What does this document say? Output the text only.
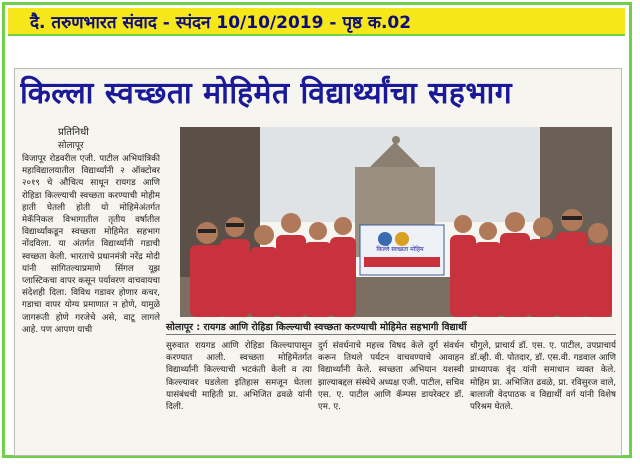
दै. तरुणभारत संवाद - स्पंदन 10/10/2019 - पृष्ठ क.02
किल्ला स्वच्छता मोहिमेत विद्यार्थ्यांचा सहभाग
प्रतिनिधी
सोलापूर
विजापूर रोडवरील एजी. पाटील अभियांत्रिकी महाविद्यालयातील विद्यार्थ्यांनी २ ऑक्टोबर २०१९ चे औचित्य साधून रायगड आणि रोहिडा किल्ल्याची स्वच्छता करण्याची मोहीम हाती घेतली होती यो मोहिमेअंतर्गत मेकॅनिकल विभागातील तृतीय वर्षातील विद्यार्थ्यांकडून स्वच्छता मोहिमेत सहभाग नोंदविला. या अंतर्गत विद्यार्थ्यांनी गडाची स्वच्छता केली. भारताचे प्रधानमंत्री नरेंद्र मोदी यांनी सांगितल्याप्रमाणे सिंगल यूझ प्लास्टिकचा वापर कसून पर्यावरण वाचवायचा संदेशही दिला. विविध गडावर होणार कचर, गडाचा वापर योग्य प्रमाणात न होणे, यामुळे जागरूती होणे गरजेचे असे, वाटू लागले आहे. पण आपण याची
किल्ले स्वच्छता मोहिम
सोलापूर : रायगड आणि रोहिडा किल्ल्याची स्वच्छता करण्याची मोहिमेत सहभागी विद्यार्थी
सुरुवात रायगड आणि रोहिडा किल्ल्यापासून करण्यात आली. स्वच्छता मोहिमेंतर्गत विद्यार्थ्यांनी किल्ल्याची भटकंती केली व त्या किल्ल्यावर घडलेला इतिहास समजून घेतला यासंबंधची माहिती प्रा. अभिजित ढवळे यांनी दिली.
दुर्ग संवर्धनाचे महत्त्व विषद केले दुर्ग संवर्धन करून तिथले पर्यटन वाचवण्याचे आवाहन विद्यार्थ्यांनी केले. स्वच्छता अभियान यशस्वी झाल्याबद्दल संस्थेचे अध्यक्ष एजी. पाटील, सचिव एस. ए. पाटील आणि कॅम्पस डायरेक्टर डॉ. एम. ए.
चौगुले, प्राचार्य डॉ. एस. ए. पाटील, उपप्राचार्य डॉ.व्ही. वी. पोतदार, डॉ. एस.वी. गडवाल आणि प्राध्यापक वृंद यांनी समाधान व्यक्त केले. मोहिम प्रा. अभिजित ढवळे, प्रा. रविसुरज वाले, बालाजी वेदपाठक व विद्यार्थी वर्ग यांनी विशेष परिश्रम घेतले.
